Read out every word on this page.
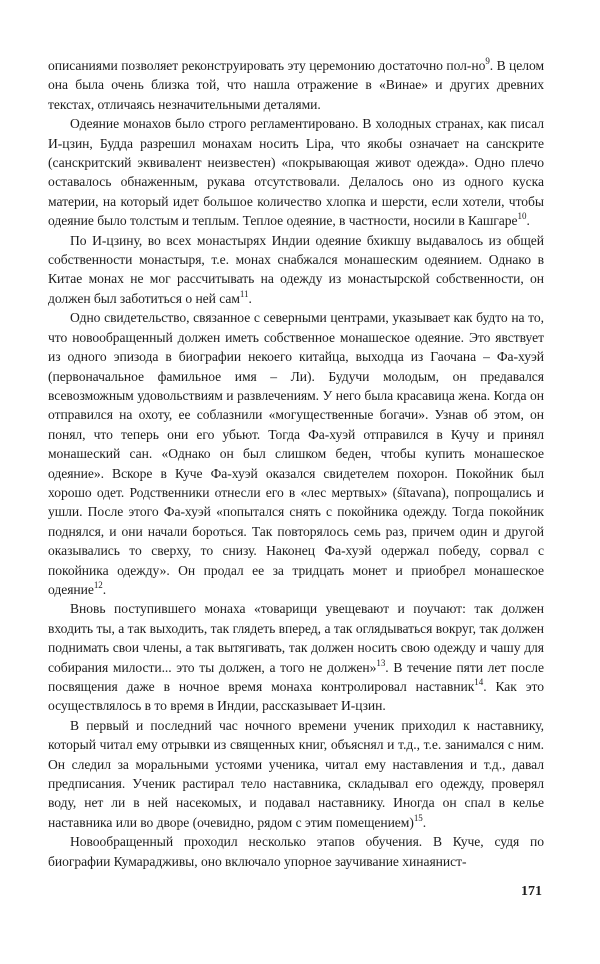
описаниями позволяет реконструировать эту церемонию достаточно пол-$но^9$. В целом она была очень близка той, что нашла отражение в «Винае» и других древних текстах, отличаясь незначительными деталями.

Одеяние монахов было строго регламентировано. В холодных странах, как писал И-цзин, Будда разрешил монахам носить Lipa, что якобы означает на санскрите (санскритский эквивалент неизвестен) «покрывающая живот одежда». Одно плечо оставалось обнаженным, рукава отсутствовали. Делалось оно из одного куска материи, на который идет большое количество хлопка и шерсти, если хотели, чтобы одеяние было толстым и теплым. Теплое одеяние, в частности, носили в Кашгаре$^{10}$.

По И-цзину, во всех монастырях Индии одеяние бхикшу выдавалось из общей собственности монастыря, т.е. монах снабжался монашеским одеянием. Однако в Китае монах не мог рассчитывать на одежду из монастырской собственности, он должен был заботиться о ней сам$^{11}$.

Одно свидетельство, связанное с северными центрами, указывает как будто на то, что новообращенный должен иметь собственное монашеское одеяние. Это явствует из одного эпизода в биографии некоего китайца, выходца из Гаочана – Фа-хуэй (первоначальное фамильное имя – Ли). Будучи молодым, он предавался всевозможным удовольствиям и развлечениям. У него была красавица жена. Когда он отправился на охоту, ее соблазнили «могущественные богачи». Узнав об этом, он понял, что теперь они его убьют. Тогда Фа-хуэй отправился в Кучу и принял монашеский сан. «Однако он был слишком беден, чтобы купить монашеское одеяние». Вскоре в Куче Фа-хуэй оказался свидетелем похорон. Покойник был хорошо одет. Родственники отнесли его в «лес мертвых» (śītavana), попрощались и ушли. После этого Фа-хуэй «попытался снять с покойника одежду. Тогда покойник поднялся, и они начали бороться. Так повторялось семь раз, причем один и другой оказывались то сверху, то снизу. Наконец Фа-хуэй одержал победу, сорвал с покойника одежду». Он продал ее за тридцать монет и приобрел монашеское одеяние$^{12}$.

Вновь поступившего монаха «товарищи увещевают и поучают: так должен входить ты, а так выходить, так глядеть вперед, а так оглядываться вокруг, так должен поднимать свои члены, а так вытягивать, так должен носить свою одежду и чашу для собирания милости... это ты должен, а того не должен»$^{13}$. В течение пяти лет после посвящения даже в ночное время монаха контролировал наставник$^{14}$. Как это осуществлялось в то время в Индии, рассказывает И-цзин.

В первый и последний час ночного времени ученик приходил к наставнику, который читал ему отрывки из священных книг, объяснял и т.д., т.е. занимался с ним. Он следил за моральными устоями ученика, читал ему наставления и т.д., давал предписания. Ученик растирал тело наставника, складывал его одежду, проверял воду, нет ли в ней насекомых, и подавал наставнику. Иногда он спал в келье наставника или во дворе (очевидно, рядом с этим помещением)$^{15}$.

Новообращенный проходил несколько этапов обучения. В Куче, судя по биографии Кумарадживы, оно включало упорное заучивание хинаянист-

171
